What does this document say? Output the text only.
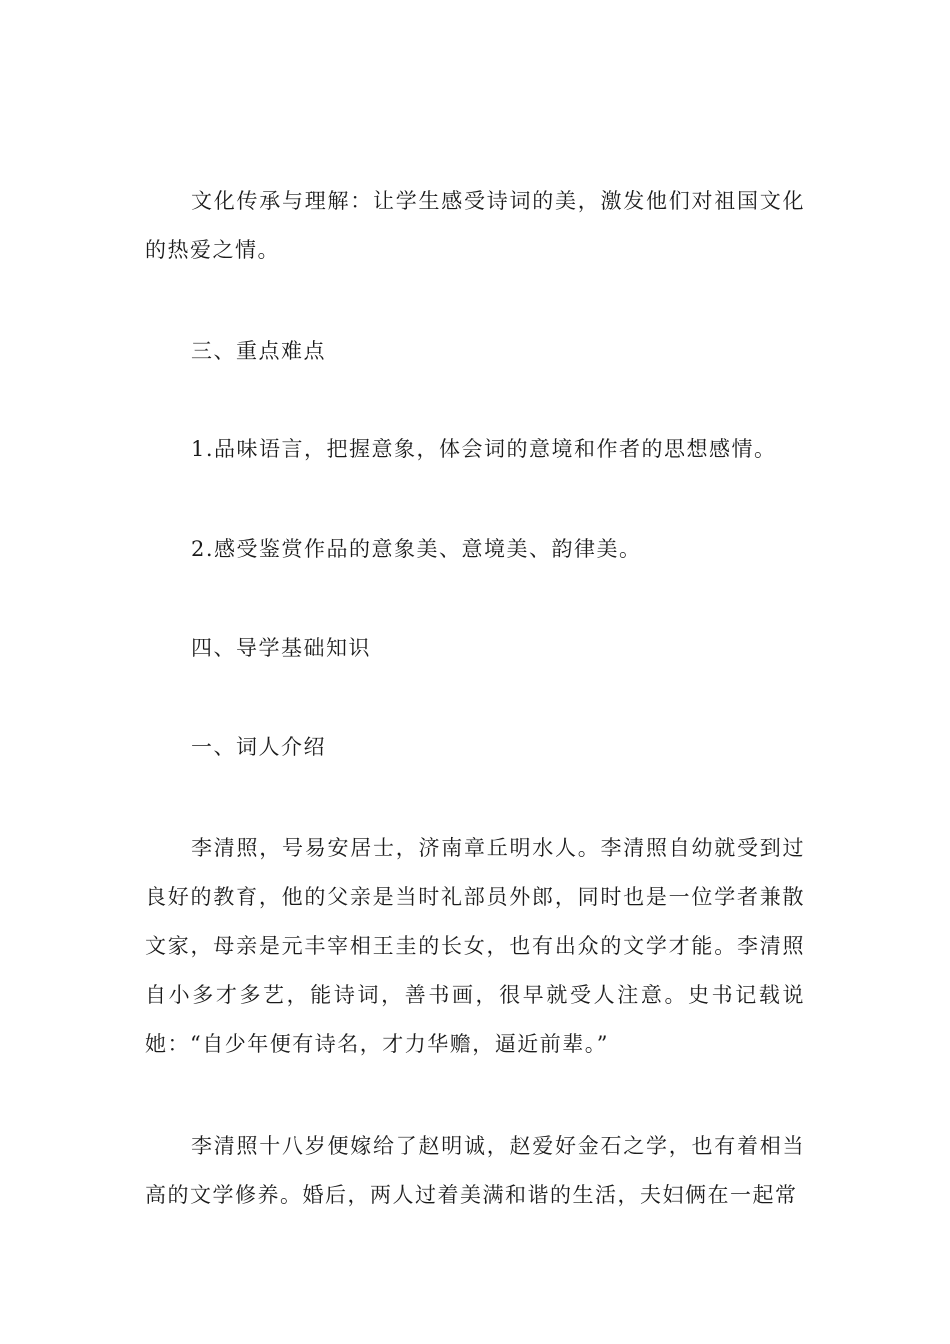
文化传承与理解：让学生感受诗词的美，激发他们对祖国文化的热爱之情。

三、重点难点

1.品味语言，把握意象，体会词的意境和作者的思想感情。

2.感受鉴赏作品的意象美、意境美、韵律美。

四、导学基础知识

一、词人介绍

李清照，号易安居士，济南章丘明水人。李清照自幼就受到过良好的教育，他的父亲是当时礼部员外郎，同时也是一位学者兼散文家，母亲是元丰宰相王圭的长女，也有出众的文学才能。李清照自小多才多艺，能诗词，善书画，很早就受人注意。史书记载说她：“自少年便有诗名，才力华赡，逼近前辈。”

李清照十八岁便嫁给了赵明诚，赵爱好金石之学，也有着相当高的文学修养。婚后，两人过着美满和谐的生活，夫妇俩在一起常
